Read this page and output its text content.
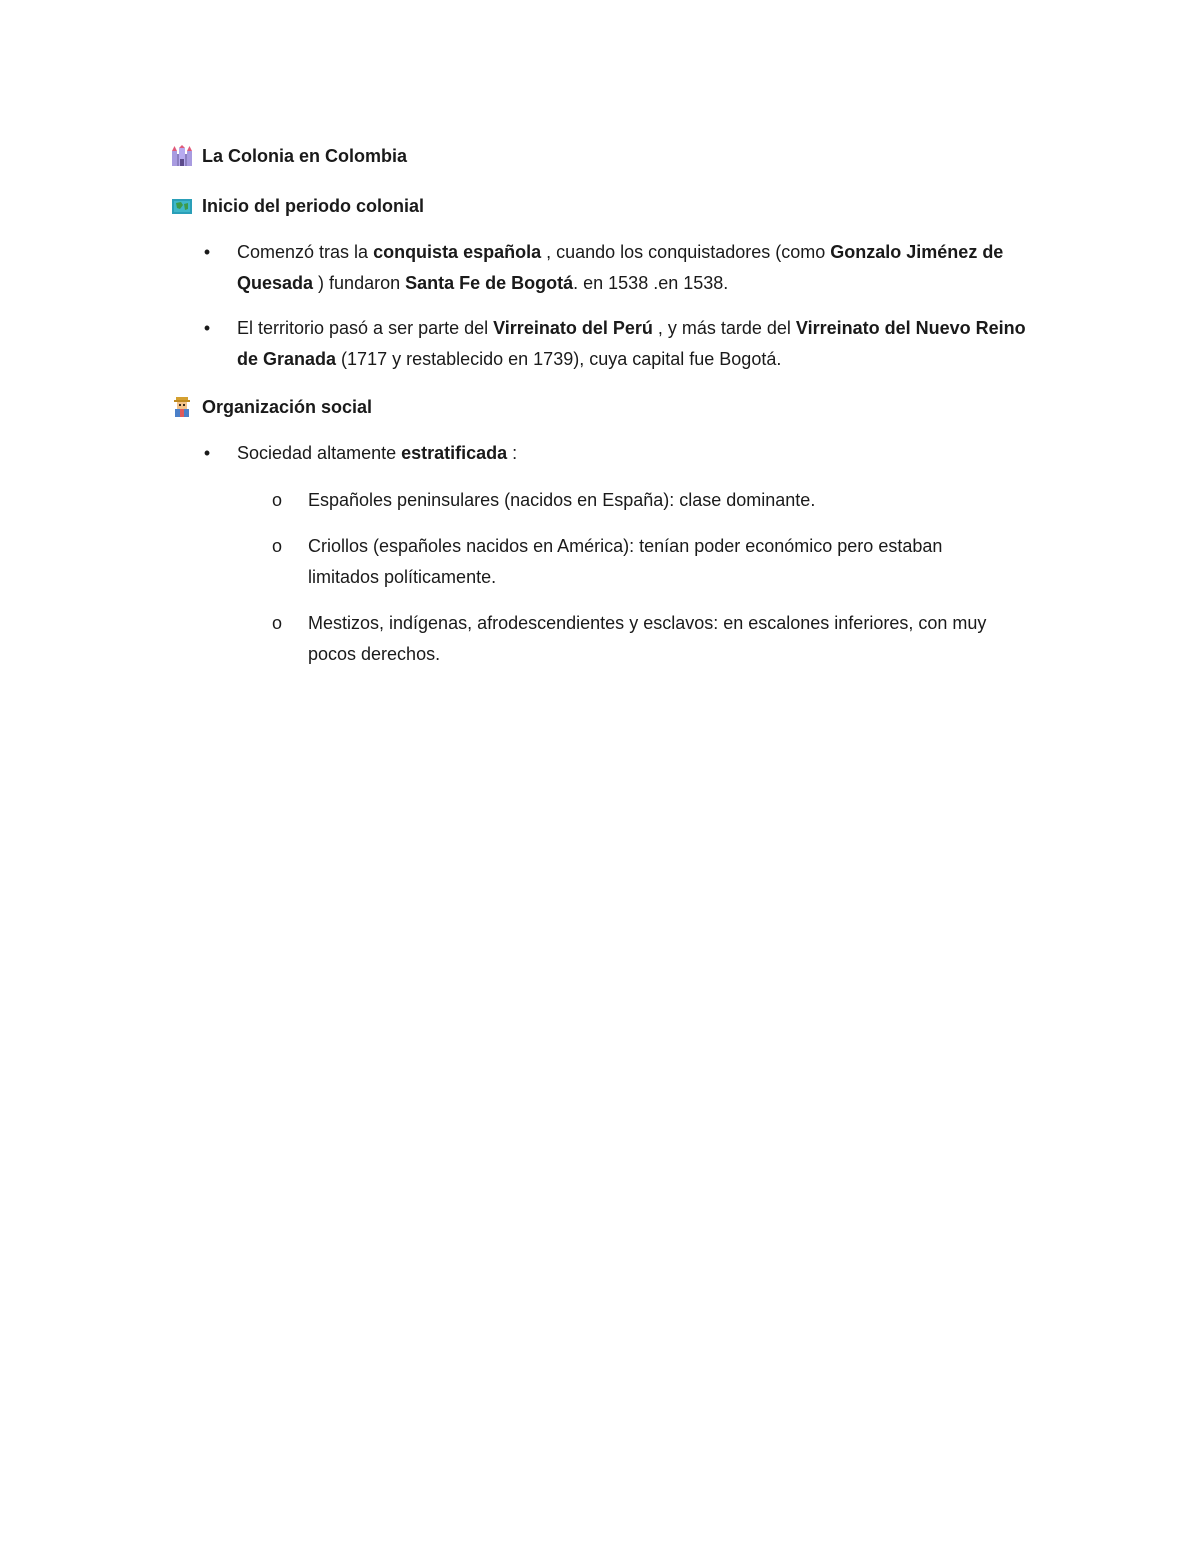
La Colonia en Colombia
Inicio del periodo colonial
• Comenzó tras la conquista española , cuando los conquistadores (como Gonzalo Jiménez de Quesada ) fundaron Santa Fe de Bogotá. en 1538 .en 1538.
• El territorio pasó a ser parte del Virreinato del Perú , y más tarde del Virreinato del Nuevo Reino de Granada (1717 y restablecido en 1739), cuya capital fue Bogotá.
Organización social
• Sociedad altamente estratificada :
o Españoles peninsulares (nacidos en España): clase dominante.
o Criollos (españoles nacidos en América): tenían poder económico pero estaban limitados políticamente.
o Mestizos, indígenas, afrodescendientes y esclavos: en escalones inferiores, con muy pocos derechos.
